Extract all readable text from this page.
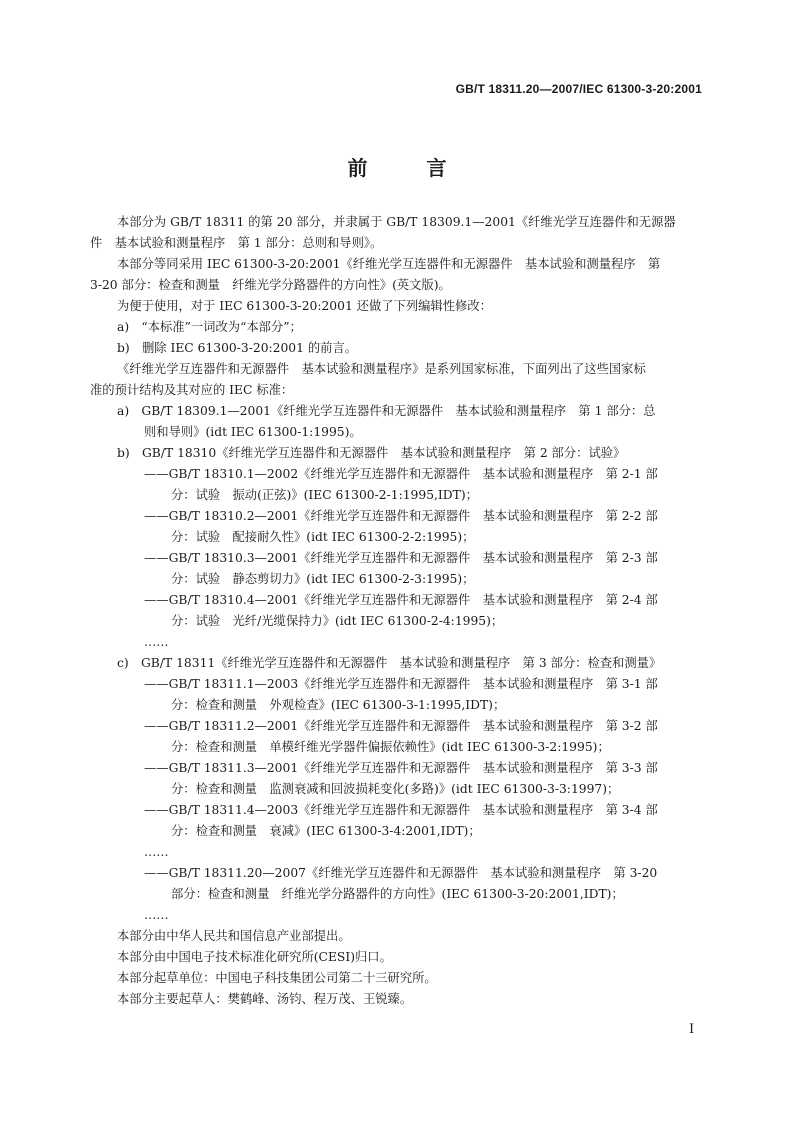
GB/T 18311.20—2007/IEC 61300-3-20:2001
前 言
本部分为 GB/T 18311 的第 20 部分，并隶属于 GB/T 18309.1—2001《纤维光学互连器件和无源器
件　基本试验和测量程序　第 1 部分：总则和导则》。
本部分等同采用 IEC 61300-3-20:2001《纤维光学互连器件和无源器件　基本试验和测量程序　第
3-20 部分：检查和测量　纤维光学分路器件的方向性》(英文版)。
为便于使用，对于 IEC 61300-3-20:2001 还做了下列编辑性修改：
a)　“本标准”一词改为“本部分”；
b)　删除 IEC 61300-3-20:2001 的前言。
《纤维光学互连器件和无源器件　基本试验和测量程序》是系列国家标准，下面列出了这些国家标
准的预计结构及其对应的 IEC 标准：
a)　GB/T 18309.1—2001《纤维光学互连器件和无源器件　基本试验和测量程序　第 1 部分：总
则和导则》(idt IEC 61300-1:1995)。
b)　GB/T 18310《纤维光学互连器件和无源器件　基本试验和测量程序　第 2 部分：试验》
——GB/T 18310.1—2002《纤维光学互连器件和无源器件　基本试验和测量程序　第 2-1 部
分：试验　振动(正弦)》(IEC 61300-2-1:1995,IDT)；
——GB/T 18310.2—2001《纤维光学互连器件和无源器件　基本试验和测量程序　第 2-2 部
分：试验　配接耐久性》(idt IEC 61300-2-2:1995)；
——GB/T 18310.3—2001《纤维光学互连器件和无源器件　基本试验和测量程序　第 2-3 部
分：试验　静态剪切力》(idt IEC 61300-2-3:1995)；
——GB/T 18310.4—2001《纤维光学互连器件和无源器件　基本试验和测量程序　第 2-4 部
分：试验　光纤/光缆保持力》(idt IEC 61300-2-4:1995)；
……
c)　GB/T 18311《纤维光学互连器件和无源器件　基本试验和测量程序　第 3 部分：检查和测量》
——GB/T 18311.1—2003《纤维光学互连器件和无源器件　基本试验和测量程序　第 3-1 部
分：检查和测量　外观检查》(IEC 61300-3-1:1995,IDT)；
——GB/T 18311.2—2001《纤维光学互连器件和无源器件　基本试验和测量程序　第 3-2 部
分：检查和测量　单模纤维光学器件偏振依赖性》(idt IEC 61300-3-2:1995)；
——GB/T 18311.3—2001《纤维光学互连器件和无源器件　基本试验和测量程序　第 3-3 部
分：检查和测量　监测衰减和回波损耗变化(多路)》(idt IEC 61300-3-3:1997)；
——GB/T 18311.4—2003《纤维光学互连器件和无源器件　基本试验和测量程序　第 3-4 部
分：检查和测量　衰减》(IEC 61300-3-4:2001,IDT)；
……
——GB/T 18311.20—2007《纤维光学互连器件和无源器件　基本试验和测量程序　第 3-20
部分：检查和测量　纤维光学分路器件的方向性》(IEC 61300-3-20:2001,IDT)；
……
本部分由中华人民共和国信息产业部提出。
本部分由中国电子技术标准化研究所(CESI)归口。
本部分起草单位：中国电子科技集团公司第二十三研究所。
本部分主要起草人：樊鹤峰、汤钧、程万茂、王锐臻。
I
